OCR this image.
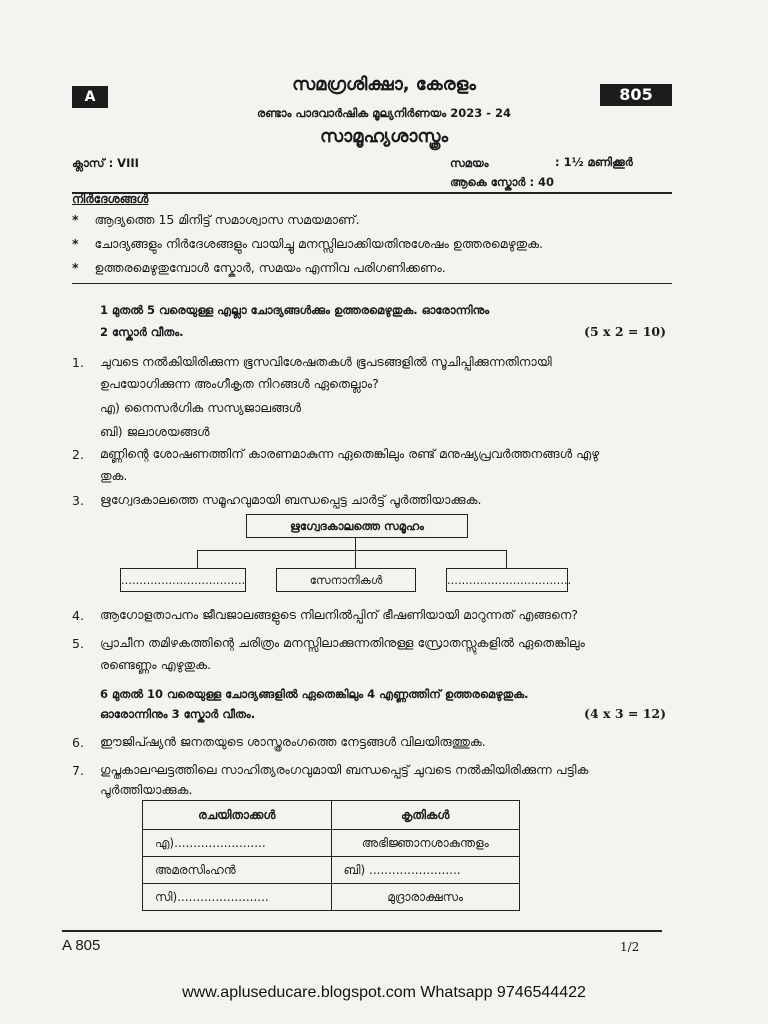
A	805
സമഗ്രശിക്ഷാ, കേരളം
രണ്ടാം പാദവാർഷിക മൂല്യനിർണയം 2023 - 24
സാമൂഹ്യശാസ്ത്രം
ക്ലാസ് : VIII	സമയം	: 1½ മണിക്കൂർ
ആകെ സ്കോർ : 40
നിർദേശങ്ങൾ
* ആദ്യത്തെ 15 മിനിട്ട് സമാശ്വാസ സമയമാണ്.
* ചോദ്യങ്ങളും നിർദേശങ്ങളും വായിച്ചു മനസ്സിലാക്കിയതിനുശേഷം ഉത്തരമെഴുതുക.
* ഉത്തരമെഴുതുമ്പോൾ സ്കോർ, സമയം എന്നിവ പരിഗണിക്കണം.
1 മുതൽ 5 വരെയുള്ള എല്ലാ ചോദ്യങ്ങൾക്കും ഉത്തരമെഴുതുക. ഓരോന്നിനും
2 സ്കോർ വീതം.	(5 x 2 = 10)
1.	ചുവടെ നൽകിയിരിക്കുന്ന ഭൂസവിശേഷതകൾ ഭൂപടങ്ങളിൽ സൂചിപ്പിക്കുന്നതിനായി
ഉപയോഗിക്കുന്ന അംഗീകൃത നിറങ്ങൾ ഏതെല്ലാം?
എ) നൈസർഗിക സസ്യജാലങ്ങൾ
ബി) ജലാശയങ്ങൾ
2.	മണ്ണിന്റെ ശോഷണത്തിന് കാരണമാകുന്ന ഏതെങ്കിലും രണ്ട് മനുഷ്യപ്രവർത്തനങ്ങൾ എഴു
തുക.
3.	ഋഗ്വേദകാലത്തെ സമൂഹവുമായി ബന്ധപ്പെട്ട ചാർട്ട് പൂർത്തിയാക്കുക.
ഋഗ്വേദകാലത്തെ സമൂഹം
..................................	സേനാനികൾ	..................................
4.	ആഗോളതാപനം ജീവജാലങ്ങളുടെ നിലനിൽപ്പിന് ഭീഷണിയായി മാറുന്നത് എങ്ങനെ?
5.	പ്രാചീന തമിഴകത്തിന്റെ ചരിത്രം മനസ്സിലാക്കുന്നതിനുള്ള സ്രോതസ്സുകളിൽ ഏതെങ്കിലും
രണ്ടെണ്ണം എഴുതുക.
6 മുതൽ 10 വരെയുള്ള ചോദ്യങ്ങളിൽ ഏതെങ്കിലും 4 എണ്ണത്തിന് ഉത്തരമെഴുതുക.
ഓരോന്നിനും 3 സ്കോർ വീതം.	(4 x 3 = 12)
6.	ഈജിപ്ഷ്യൻ ജനതയുടെ ശാസ്ത്രരംഗത്തെ നേട്ടങ്ങൾ വിലയിരുത്തുക.
7.	ഗുപ്തകാലഘട്ടത്തിലെ സാഹിത്യരംഗവുമായി ബന്ധപ്പെട്ട് ചുവടെ നൽകിയിരിക്കുന്ന പട്ടിക
പൂർത്തിയാക്കുക.
രചയിതാക്കൾ	കൃതികൾ
എ)........................	അഭിജ്ഞാനശാകുന്തളം
അമരസിംഹൻ	ബി) ........................
സി)........................	മുദ്രാരാക്ഷസം
A 805	1/2
www.apluseducare.blogspot.com Whatsapp 9746544422
